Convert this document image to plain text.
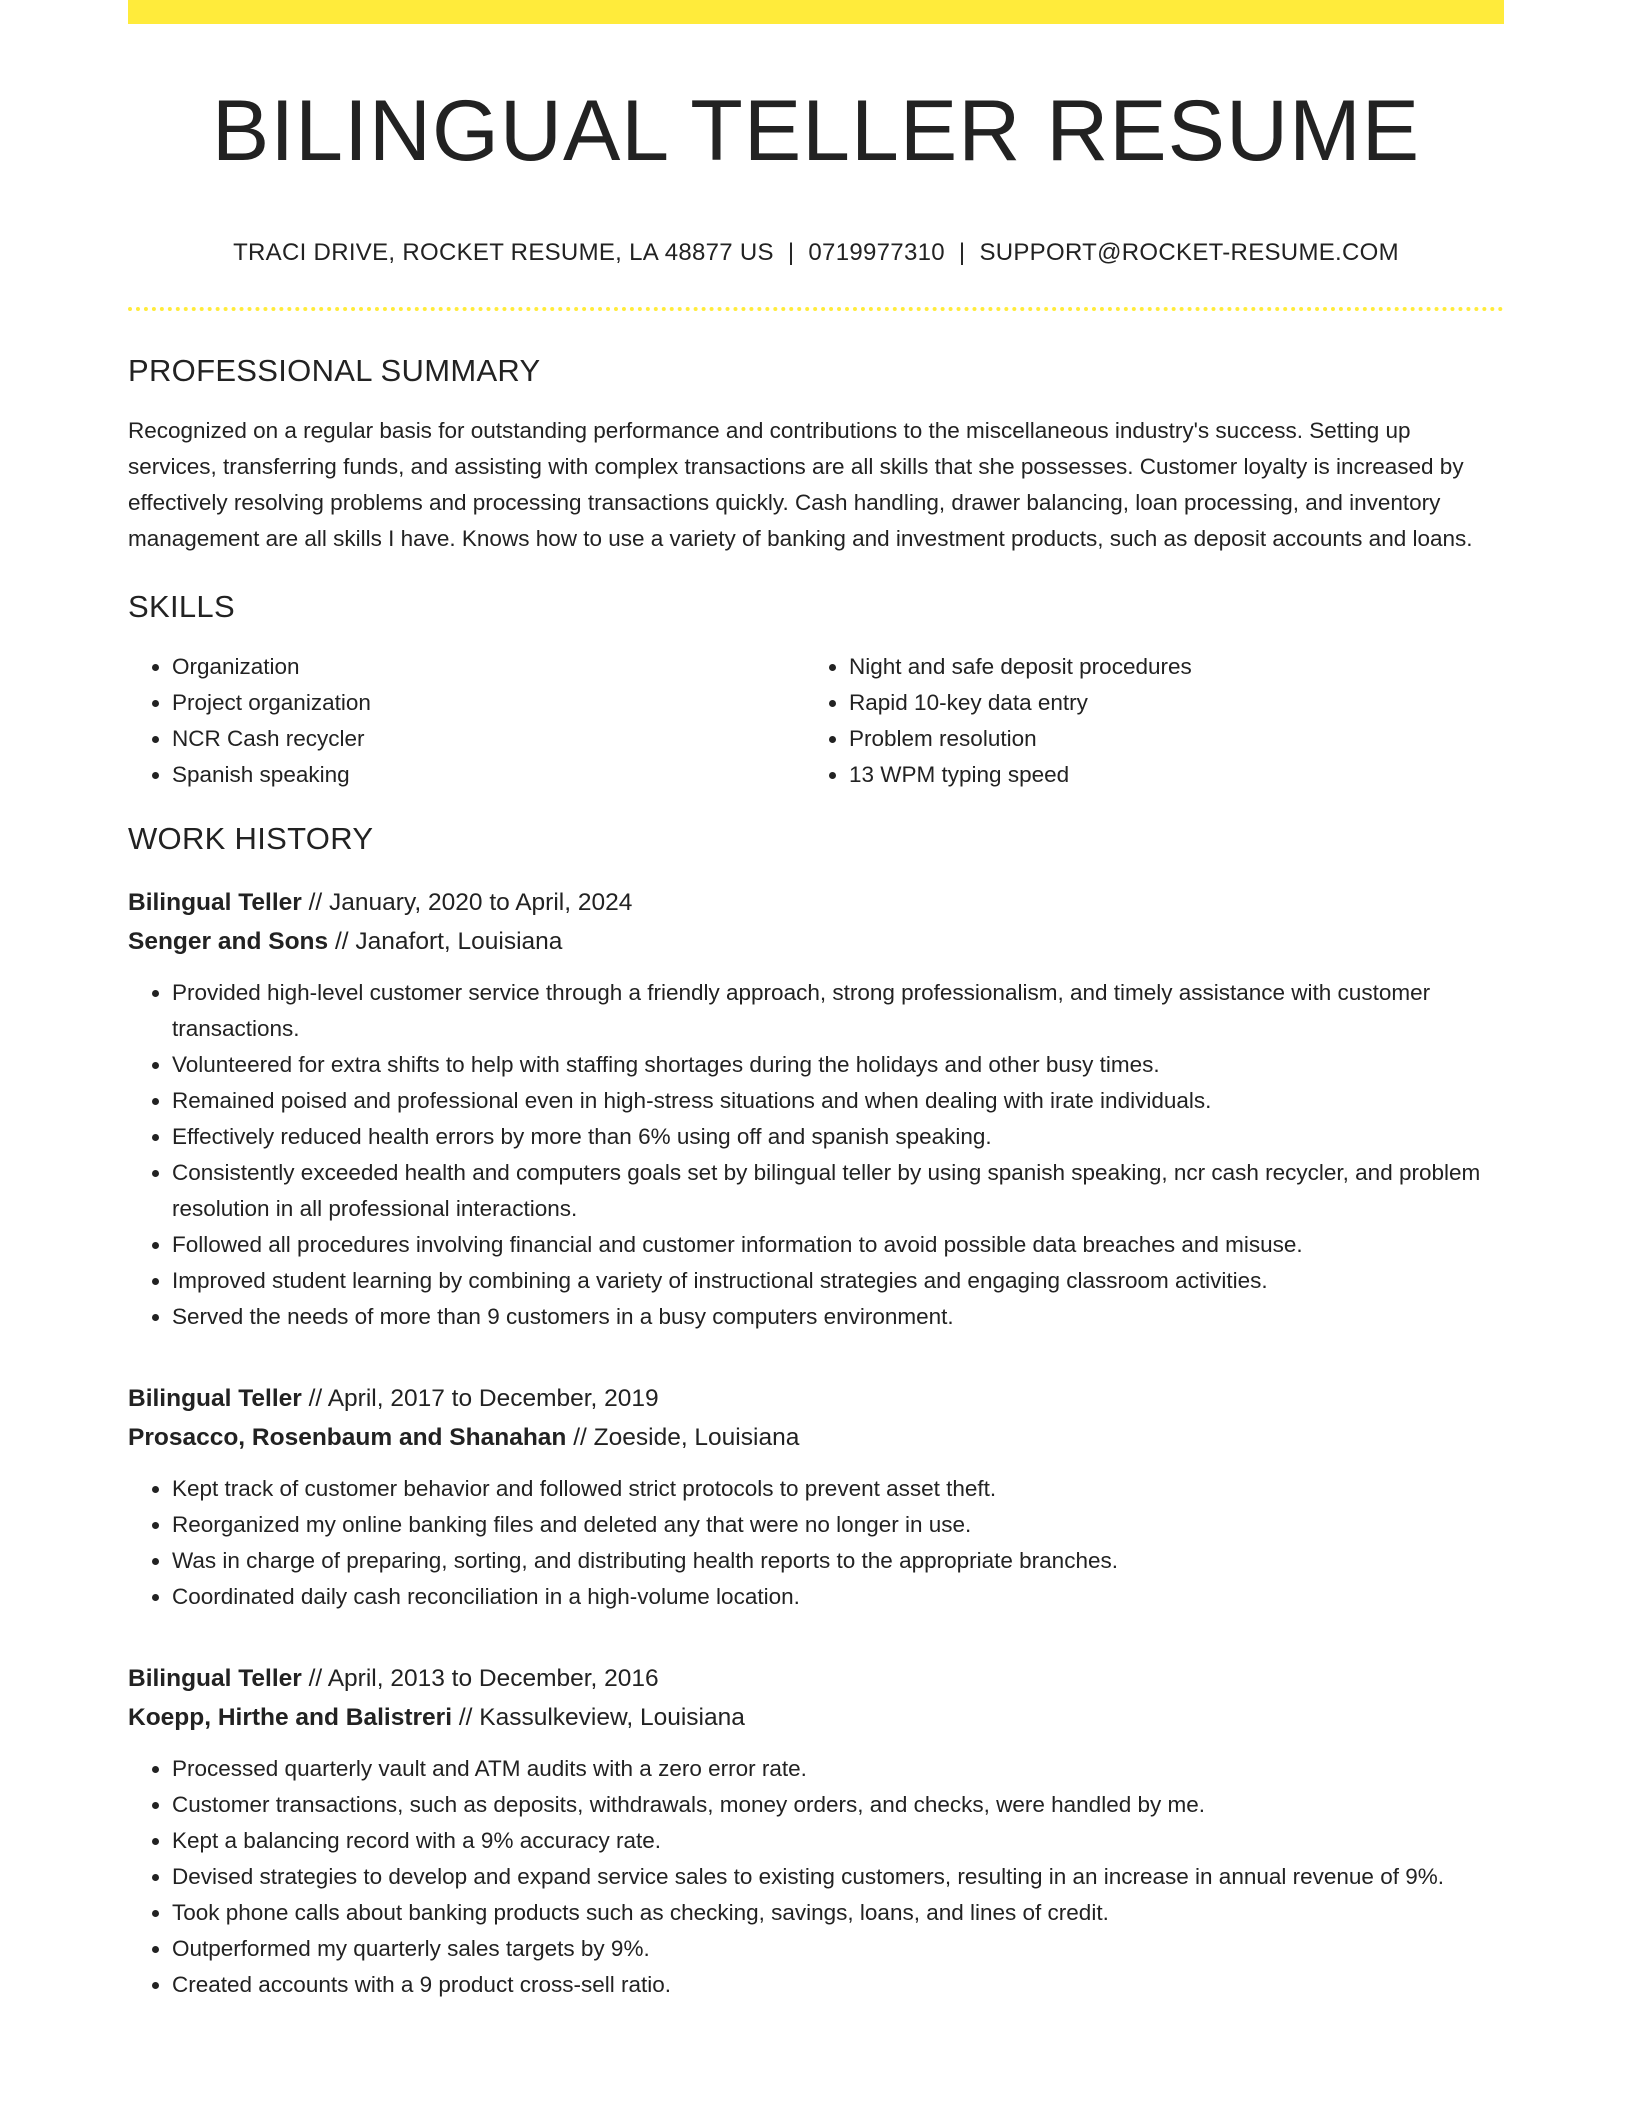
BILINGUAL TELLER RESUME
TRACI DRIVE, ROCKET RESUME, LA 48877 US | 0719977310 | SUPPORT@ROCKET-RESUME.COM
PROFESSIONAL SUMMARY
Recognized on a regular basis for outstanding performance and contributions to the miscellaneous industry's success. Setting up services, transferring funds, and assisting with complex transactions are all skills that she possesses. Customer loyalty is increased by effectively resolving problems and processing transactions quickly. Cash handling, drawer balancing, loan processing, and inventory management are all skills I have. Knows how to use a variety of banking and investment products, such as deposit accounts and loans.
SKILLS
• Organization
• Project organization
• NCR Cash recycler
• Spanish speaking
• Night and safe deposit procedures
• Rapid 10-key data entry
• Problem resolution
• 13 WPM typing speed
WORK HISTORY
Bilingual Teller // January, 2020 to April, 2024
Senger and Sons // Janafort, Louisiana
• Provided high-level customer service through a friendly approach, strong professionalism, and timely assistance with customer transactions.
• Volunteered for extra shifts to help with staffing shortages during the holidays and other busy times.
• Remained poised and professional even in high-stress situations and when dealing with irate individuals.
• Effectively reduced health errors by more than 6% using off and spanish speaking.
• Consistently exceeded health and computers goals set by bilingual teller by using spanish speaking, ncr cash recycler, and problem resolution in all professional interactions.
• Followed all procedures involving financial and customer information to avoid possible data breaches and misuse.
• Improved student learning by combining a variety of instructional strategies and engaging classroom activities.
• Served the needs of more than 9 customers in a busy computers environment.
Bilingual Teller // April, 2017 to December, 2019
Prosacco, Rosenbaum and Shanahan // Zoeside, Louisiana
• Kept track of customer behavior and followed strict protocols to prevent asset theft.
• Reorganized my online banking files and deleted any that were no longer in use.
• Was in charge of preparing, sorting, and distributing health reports to the appropriate branches.
• Coordinated daily cash reconciliation in a high-volume location.
Bilingual Teller // April, 2013 to December, 2016
Koepp, Hirthe and Balistreri // Kassulkeview, Louisiana
• Processed quarterly vault and ATM audits with a zero error rate.
• Customer transactions, such as deposits, withdrawals, money orders, and checks, were handled by me.
• Kept a balancing record with a 9% accuracy rate.
• Devised strategies to develop and expand service sales to existing customers, resulting in an increase in annual revenue of 9%.
• Took phone calls about banking products such as checking, savings, loans, and lines of credit.
• Outperformed my quarterly sales targets by 9%.
• Created accounts with a 9 product cross-sell ratio.
